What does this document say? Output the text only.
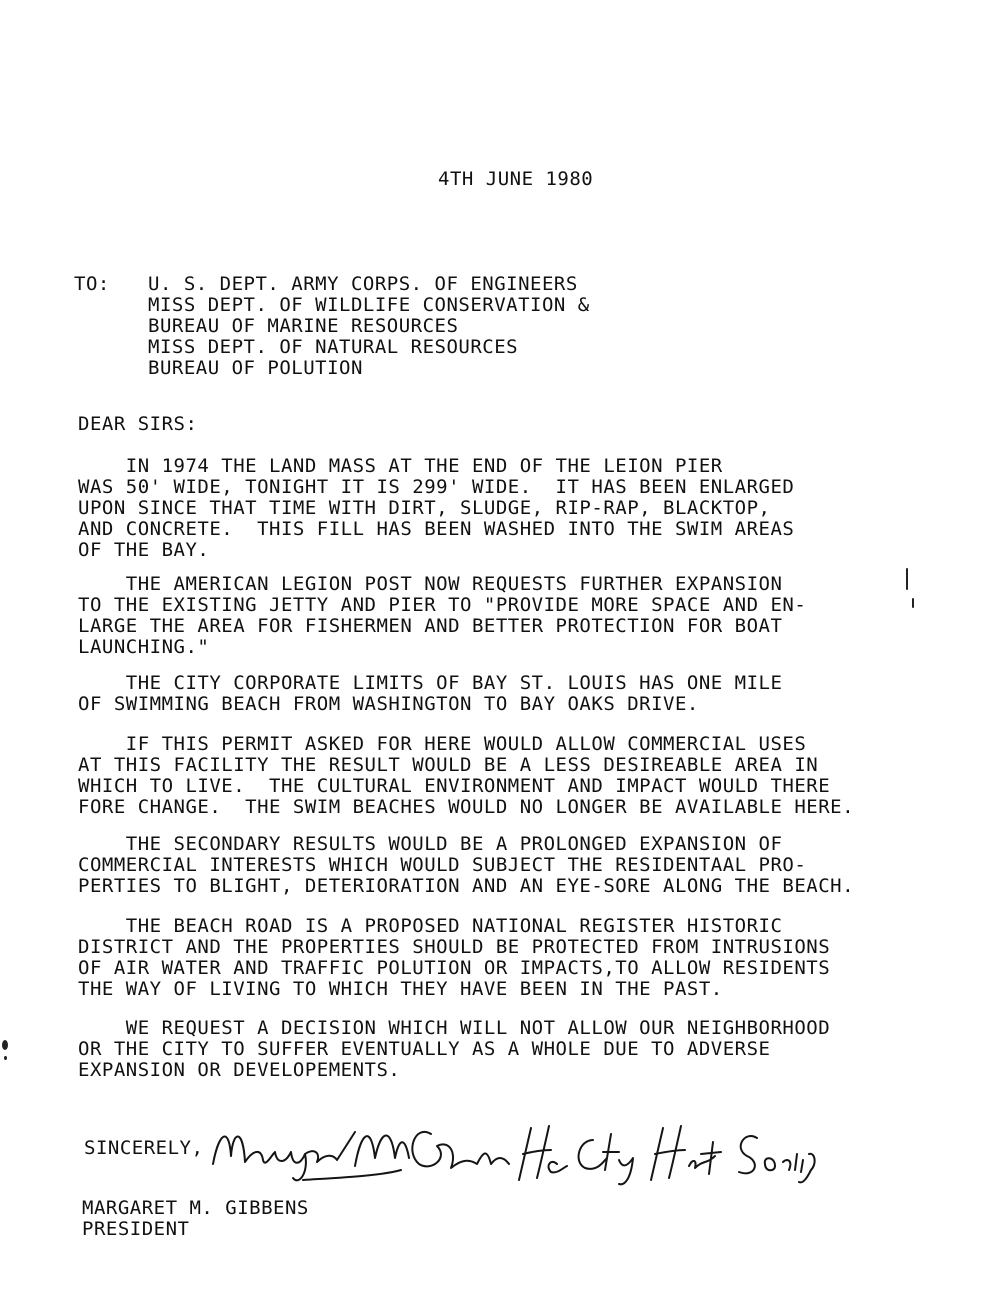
4TH JUNE 1980
TO: U. S. DEPT. ARMY CORPS. OF ENGINEERS
MISS DEPT. OF WILDLIFE CONSERVATION &
BUREAU OF MARINE RESOURCES
MISS DEPT. OF NATURAL RESOURCES
BUREAU OF POLUTION
DEAR SIRS:
IN 1974 THE LAND MASS AT THE END OF THE LEION PIER
WAS 50' WIDE, TONIGHT IT IS 299' WIDE.  IT HAS BEEN ENLARGED
UPON SINCE THAT TIME WITH DIRT, SLUDGE, RIP-RAP, BLACKTOP,
AND CONCRETE.  THIS FILL HAS BEEN WASHED INTO THE SWIM AREAS
OF THE BAY.
THE AMERICAN LEGION POST NOW REQUESTS FURTHER EXPANSION
TO THE EXISTING JETTY AND PIER TO "PROVIDE MORE SPACE AND EN-
LARGE THE AREA FOR FISHERMEN AND BETTER PROTECTION FOR BOAT
LAUNCHING."
THE CITY CORPORATE LIMITS OF BAY ST. LOUIS HAS ONE MILE
OF SWIMMING BEACH FROM WASHINGTON TO BAY OAKS DRIVE.
IF THIS PERMIT ASKED FOR HERE WOULD ALLOW COMMERCIAL USES
AT THIS FACILITY THE RESULT WOULD BE A LESS DESIREABLE AREA IN
WHICH TO LIVE.  THE CULTURAL ENVIRONMENT AND IMPACT WOULD THERE
FORE CHANGE.  THE SWIM BEACHES WOULD NO LONGER BE AVAILABLE HERE.
THE SECONDARY RESULTS WOULD BE A PROLONGED EXPANSION OF
COMMERCIAL INTERESTS WHICH WOULD SUBJECT THE RESIDENTAAL PRO-
PERTIES TO BLIGHT, DETERIORATION AND AN EYE-SORE ALONG THE BEACH.
THE BEACH ROAD IS A PROPOSED NATIONAL REGISTER HISTORIC
DISTRICT AND THE PROPERTIES SHOULD BE PROTECTED FROM INTRUSIONS
OF AIR WATER AND TRAFFIC POLUTION OR IMPACTS,TO ALLOW RESIDENTS
THE WAY OF LIVING TO WHICH THEY HAVE BEEN IN THE PAST.
WE REQUEST A DECISION WHICH WILL NOT ALLOW OUR NEIGHBORHOOD
OR THE CITY TO SUFFER EVENTUALLY AS A WHOLE DUE TO ADVERSE
EXPANSION OR DEVELOPEMENTS.
SINCERELY,
MARGARET M. GIBBENS
PRESIDENT
